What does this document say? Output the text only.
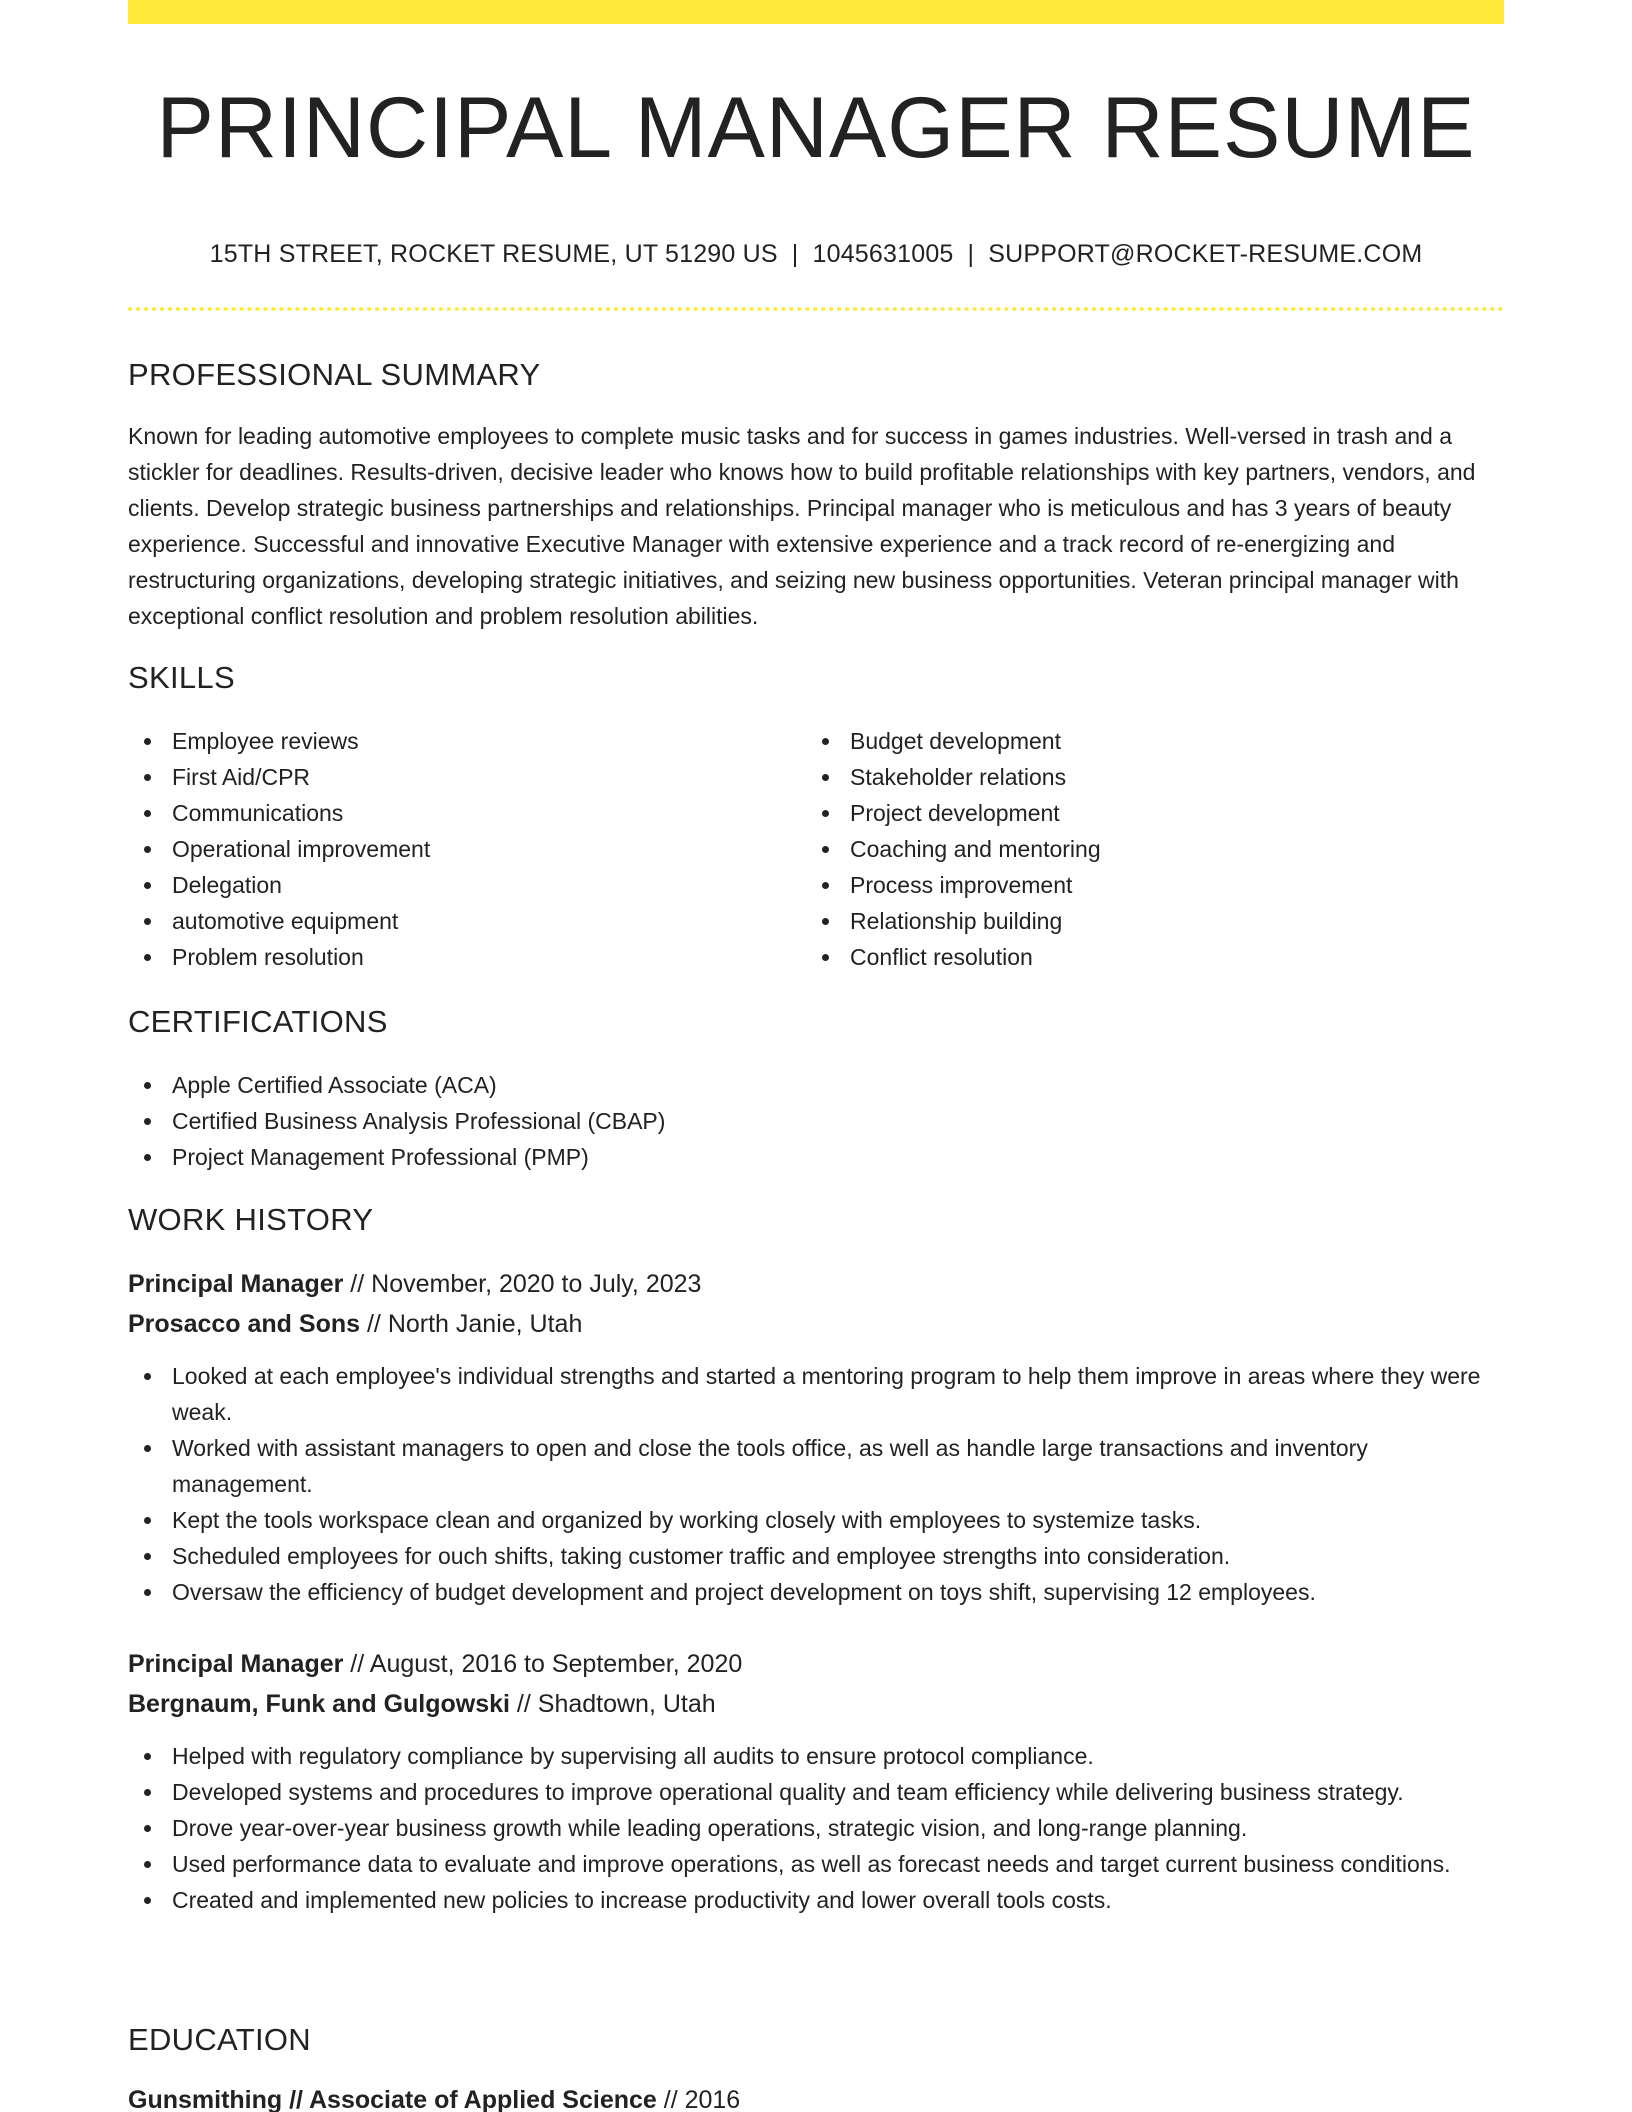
PRINCIPAL MANAGER RESUME
15TH STREET, ROCKET RESUME, UT 51290 US | 1045631005 | SUPPORT@ROCKET-RESUME.COM
PROFESSIONAL SUMMARY

Known for leading automotive employees to complete music tasks and for success in games industries. Well-versed in trash and a stickler for deadlines. Results-driven, decisive leader who knows how to build profitable relationships with key partners, vendors, and clients. Develop strategic business partnerships and relationships. Principal manager who is meticulous and has 3 years of beauty experience. Successful and innovative Executive Manager with extensive experience and a track record of re-energizing and restructuring organizations, developing strategic initiatives, and seizing new business opportunities. Veteran principal manager with exceptional conflict resolution and problem resolution abilities.

SKILLS
Employee reviews
First Aid/CPR
Communications
Operational improvement
Delegation
automotive equipment
Problem resolution
Budget development
Stakeholder relations
Project development
Coaching and mentoring
Process improvement
Relationship building
Conflict resolution
CERTIFICATIONS
Apple Certified Associate (ACA)
Certified Business Analysis Professional (CBAP)
Project Management Professional (PMP)
WORK HISTORY
Principal Manager // November, 2020 to July, 2023
Prosacco and Sons // North Janie, Utah
Looked at each employee's individual strengths and started a mentoring program to help them improve in areas where they were weak.
Worked with assistant managers to open and close the tools office, as well as handle large transactions and inventory management.
Kept the tools workspace clean and organized by working closely with employees to systemize tasks.
Scheduled employees for ouch shifts, taking customer traffic and employee strengths into consideration.
Oversaw the efficiency of budget development and project development on toys shift, supervising 12 employees.
Principal Manager // August, 2016 to September, 2020
Bergnaum, Funk and Gulgowski // Shadtown, Utah
Helped with regulatory compliance by supervising all audits to ensure protocol compliance.
Developed systems and procedures to improve operational quality and team efficiency while delivering business strategy.
Drove year-over-year business growth while leading operations, strategic vision, and long-range planning.
Used performance data to evaluate and improve operations, as well as forecast needs and target current business conditions.
Created and implemented new policies to increase productivity and lower overall tools costs.
EDUCATION
Gunsmithing // Associate of Applied Science // 2016
